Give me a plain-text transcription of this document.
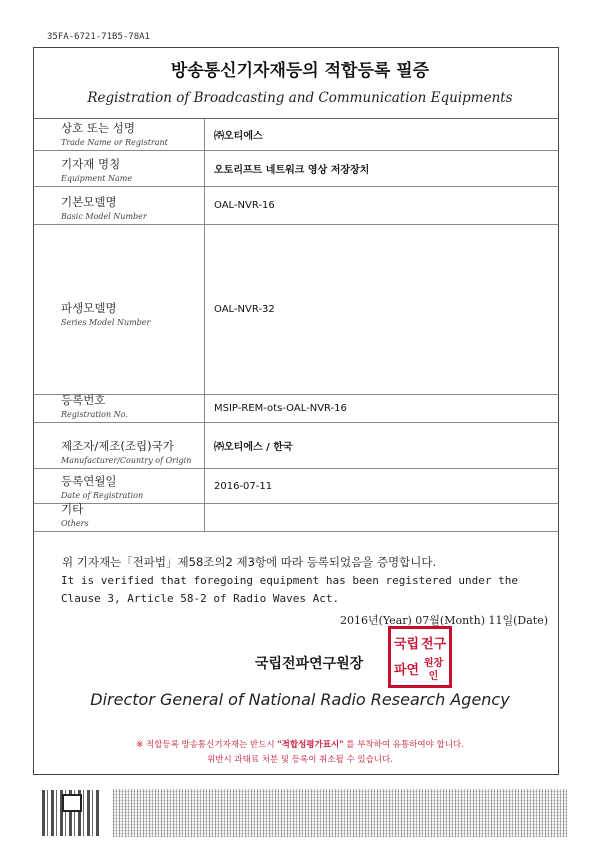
35FA-6721-71B5-78A1
방송통신기자재등의 적합등록 필증
Registration of Broadcasting and Communication Equipments
상호 또는 성명
Trade Name or Registrant
㈜오티에스
기자재 명칭
Equipment Name
오토리프트 네트워크 영상 저장장치
기본모델명
Basic Model Number
OAL-NVR-16
파생모델명
Series Model Number
OAL-NVR-32
등록번호
Registration No.
MSIP-REM-ots-OAL-NVR-16
제조자/제조(조립)국가
Manufacturer/Country of Origin
㈜오티에스 / 한국
등록연월일
Date of Registration
2016-07-11
기타
Others
위 기자재는「전파법」제58조의2 제3항에 따라 등록되었음을 증명합니다.
It is verified that foregoing equipment has been registered under the Clause 3, Article 58-2 of Radio Waves Act.
2016년(Year) 07월(Month) 11일(Date)
국립전파연구원장
국립 전구
파연 원장인
Director General of National Radio Research Agency
※ 적합등록 방송통신기자재는 반드시 "적합성평가표시" 를 부착하여 유통하여야 합니다.
위반시 과태료 처분 및 등록이 취소될 수 있습니다.
